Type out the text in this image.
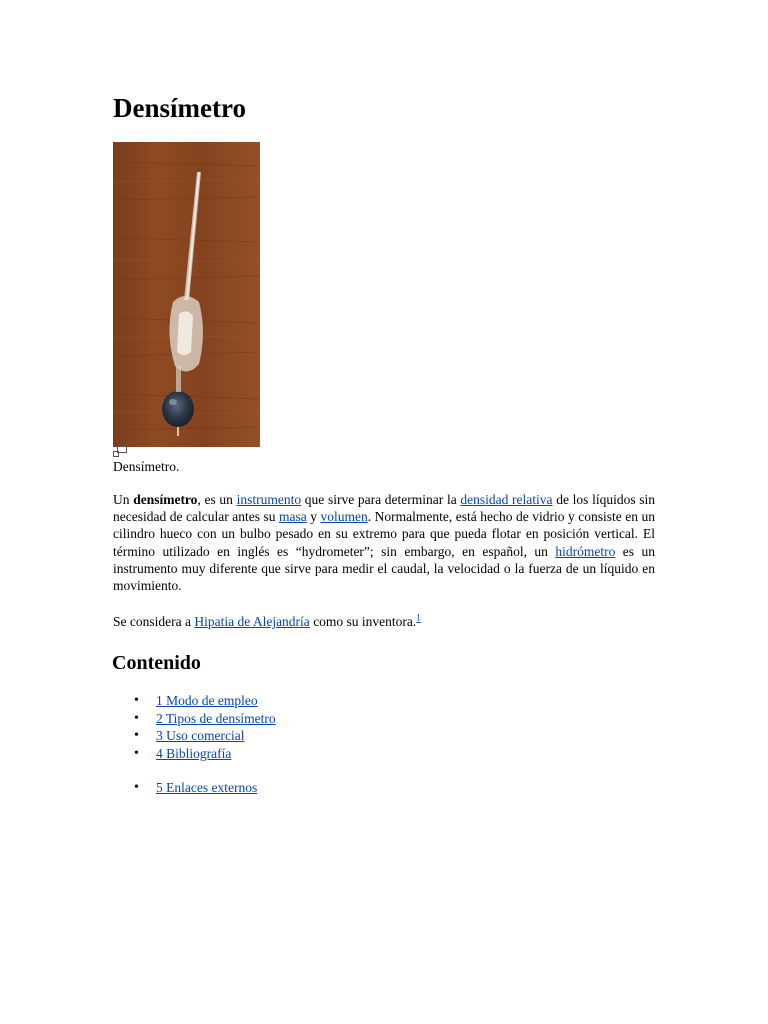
Densímetro
Densímetro.

Un densímetro, es un instrumento que sirve para determinar la densidad relativa de los líquidos sin necesidad de calcular antes su masa y volumen. Normalmente, está hecho de vidrio y consiste en un cilindro hueco con un bulbo pesado en su extremo para que pueda flotar en posición vertical. El término utilizado en inglés es “hydrometer”; sin embargo, en español, un hidrómetro es un instrumento muy diferente que sirve para medir el caudal, la velocidad o la fuerza de un líquido en movimiento.

Se considera a Hipatia de Alejandría como su inventora.$^1$

Contenido
• 1 Modo de empleo
• 2 Tipos de densímetro
• 3 Uso comercial
• 4 Bibliografía
• 5 Enlaces externos
